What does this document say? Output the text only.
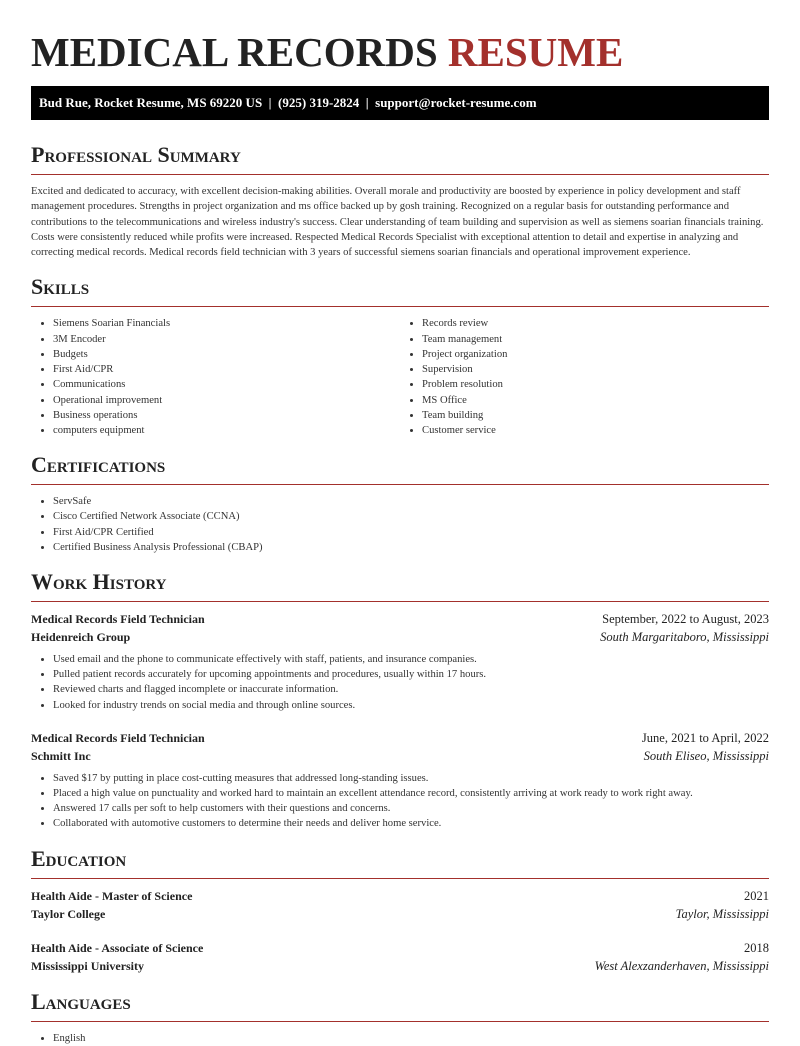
MEDICAL RECORDS RESUME
Bud Rue, Rocket Resume, MS 69220 US  |  (925) 319-2824  |  support@rocket-resume.com
Professional Summary
Excited and dedicated to accuracy, with excellent decision-making abilities. Overall morale and productivity are boosted by experience in policy development and staff management procedures. Strengths in project organization and ms office backed up by gosh training. Recognized on a regular basis for outstanding performance and contributions to the telecommunications and wireless industry's success. Clear understanding of team building and supervision as well as siemens soarian financials training. Costs were consistently reduced while profits were increased. Respected Medical Records Specialist with exceptional attention to detail and expertise in analyzing and correcting medical records. Medical records field technician with 3 years of successful siemens soarian financials and operational improvement experience.
Skills
• Siemens Soarian Financials
• 3M Encoder
• Budgets
• First Aid/CPR
• Communications
• Operational improvement
• Business operations
• computers equipment
• Records review
• Team management
• Project organization
• Supervision
• Problem resolution
• MS Office
• Team building
• Customer service
Certifications
• ServSafe
• Cisco Certified Network Associate (CCNA)
• First Aid/CPR Certified
• Certified Business Analysis Professional (CBAP)
Work History
Medical Records Field Technician	September, 2022 to August, 2023
Heidenreich Group	South Margaritaboro, Mississippi
• Used email and the phone to communicate effectively with staff, patients, and insurance companies.
• Pulled patient records accurately for upcoming appointments and procedures, usually within 17 hours.
• Reviewed charts and flagged incomplete or inaccurate information.
• Looked for industry trends on social media and through online sources.
Medical Records Field Technician	June, 2021 to April, 2022
Schmitt Inc	South Eliseo, Mississippi
• Saved $17 by putting in place cost-cutting measures that addressed long-standing issues.
• Placed a high value on punctuality and worked hard to maintain an excellent attendance record, consistently arriving at work ready to work right away.
• Answered 17 calls per soft to help customers with their questions and concerns.
• Collaborated with automotive customers to determine their needs and deliver home service.
Education
Health Aide - Master of Science	2021
Taylor College	Taylor, Mississippi
Health Aide - Associate of Science	2018
Mississippi University	West Alexzanderhaven, Mississippi
Languages
• English
